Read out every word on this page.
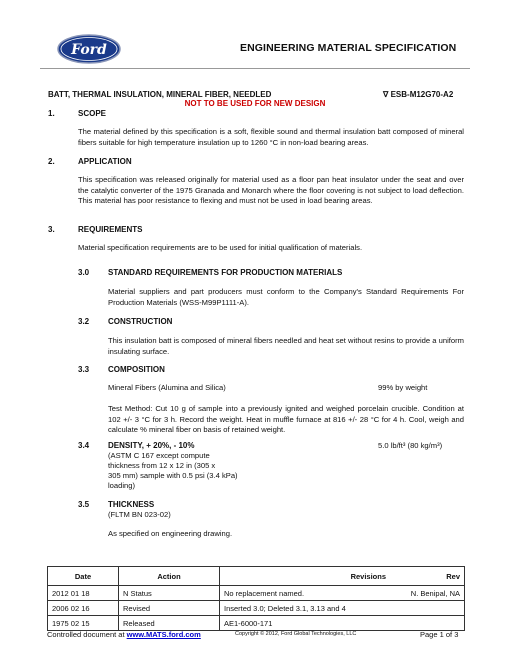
Ford	ENGINEERING MATERIAL SPECIFICATION
BATT, THERMAL INSULATION, MINERAL FIBER, NEEDLED	∇ ESB-M12G70-A2
NOT TO BE USED FOR NEW DESIGN
1.	SCOPE
The material defined by this specification is a soft, flexible sound and thermal insulation batt composed of mineral fibers suitable for high temperature insulation up to 1260 °C in non-load bearing areas.
2.	APPLICATION
This specification was released originally for material used as a floor pan heat insulator under the seat and over the catalytic converter of the 1975 Granada and Monarch where the floor covering is not subject to load deflection. This material has poor resistance to flexing and must not be used in load bearing areas.
3.	REQUIREMENTS
Material specification requirements are to be used for initial qualification of materials.
3.0 STANDARD REQUIREMENTS FOR PRODUCTION MATERIALS
Material suppliers and part producers must conform to the Company's Standard Requirements For Production Materials (WSS-M99P1111-A).
3.2 CONSTRUCTION
This insulation batt is composed of mineral fibers needled and heat set without resins to provide a uniform insulating surface.
3.3 COMPOSITION
Mineral Fibers (Alumina and Silica)	99% by weight
Test Method: Cut 10 g of sample into a previously ignited and weighed porcelain crucible. Condition at 102 +/- 3 °C for 3 h. Record the weight. Heat in muffle furnace at 816 +/- 28 °C for 4 h. Cool, weigh and calculate % mineral fiber on basis of retained weight.
3.4 DENSITY, + 20%, - 10%
(ASTM C 167 except compute
thickness from 12 x 12 in (305 x
305 mm) sample with 0.5 psi (3.4 kPa)
loading)
5.0 lb/ft³ (80 kg/m³)
3.5 THICKNESS
(FLTM BN 023-02)
As specified on engineering drawing.
Date	Action	Revisions	Rev
2012 01 18	N Status	No replacement named.	N. Benipal, NA
2006 02 16	Revised	Inserted 3.0; Deleted 3.1, 3.13 and 4	
1975 02 15	Released	AE1-6000-171	
Controlled document at www.MATS.ford.com	Copyright © 2012, Ford Global Technologies, LLC	Page 1 of 3
